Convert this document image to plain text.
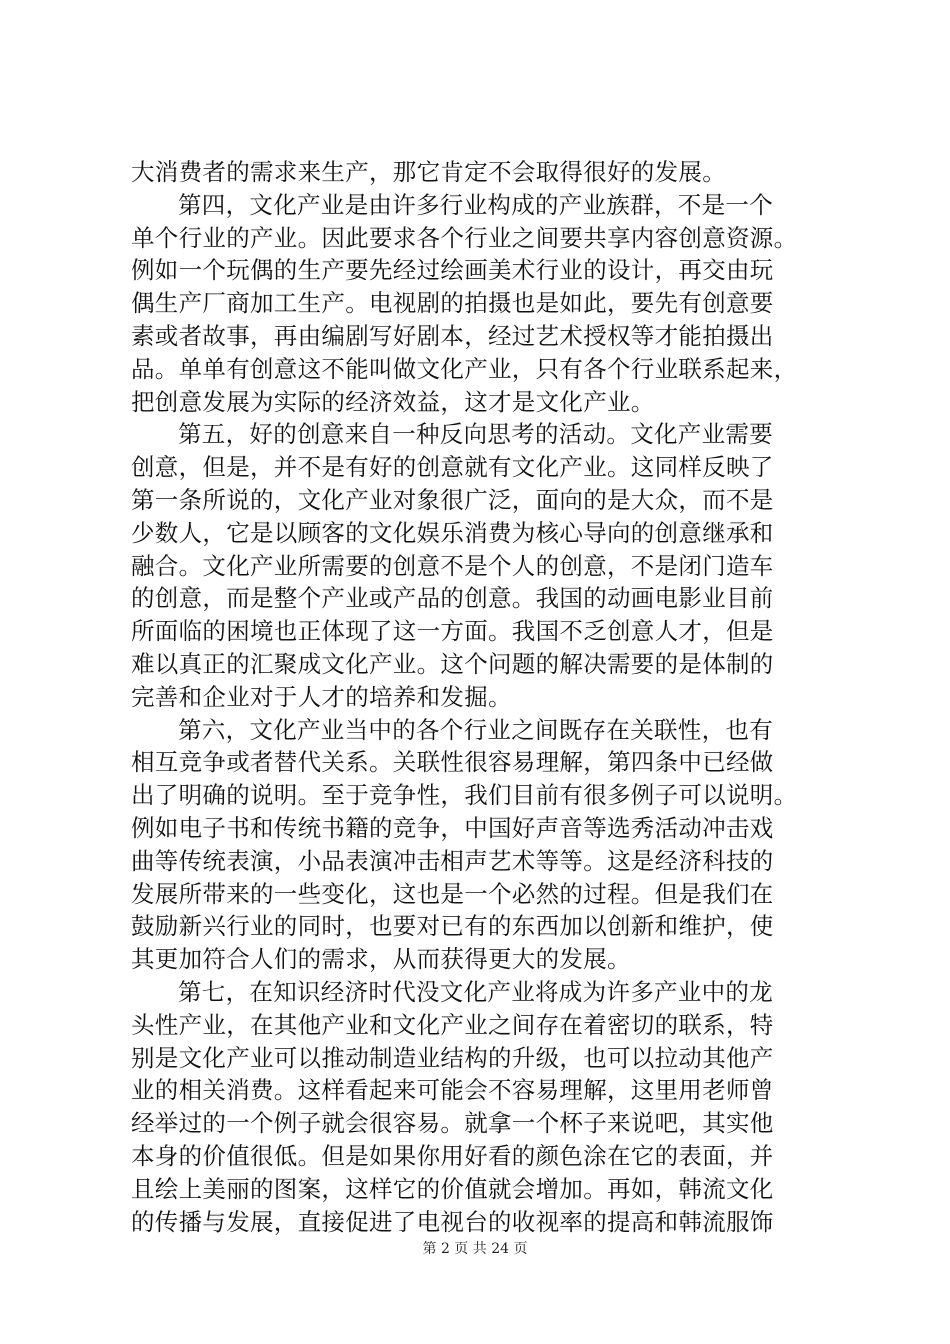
大消费者的需求来生产，那它肯定不会取得很好的发展。
第四，文化产业是由许多行业构成的产业族群，不是一个
单个行业的产业。因此要求各个行业之间要共享内容创意资源。
例如一个玩偶的生产要先经过绘画美术行业的设计，再交由玩
偶生产厂商加工生产。电视剧的拍摄也是如此，要先有创意要
素或者故事，再由编剧写好剧本，经过艺术授权等才能拍摄出
品。单单有创意这不能叫做文化产业，只有各个行业联系起来，
把创意发展为实际的经济效益，这才是文化产业。
第五，好的创意来自一种反向思考的活动。文化产业需要
创意，但是，并不是有好的创意就有文化产业。这同样反映了
第一条所说的，文化产业对象很广泛，面向的是大众，而不是
少数人，它是以顾客的文化娱乐消费为核心导向的创意继承和
融合。文化产业所需要的创意不是个人的创意，不是闭门造车
的创意，而是整个产业或产品的创意。我国的动画电影业目前
所面临的困境也正体现了这一方面。我国不乏创意人才，但是
难以真正的汇聚成文化产业。这个问题的解决需要的是体制的
完善和企业对于人才的培养和发掘。
第六，文化产业当中的各个行业之间既存在关联性，也有
相互竞争或者替代关系。关联性很容易理解，第四条中已经做
出了明确的说明。至于竞争性，我们目前有很多例子可以说明。
例如电子书和传统书籍的竞争，中国好声音等选秀活动冲击戏
曲等传统表演，小品表演冲击相声艺术等等。这是经济科技的
发展所带来的一些变化，这也是一个必然的过程。但是我们在
鼓励新兴行业的同时，也要对已有的东西加以创新和维护，使
其更加符合人们的需求，从而获得更大的发展。
第七，在知识经济时代没文化产业将成为许多产业中的龙
头性产业，在其他产业和文化产业之间存在着密切的联系，特
别是文化产业可以推动制造业结构的升级，也可以拉动其他产
业的相关消费。这样看起来可能会不容易理解，这里用老师曾
经举过的一个例子就会很容易。就拿一个杯子来说吧，其实他
本身的价值很低。但是如果你用好看的颜色涂在它的表面，并
且绘上美丽的图案，这样它的价值就会增加。再如，韩流文化
的传播与发展，直接促进了电视台的收视率的提高和韩流服饰
第 2 页 共 24 页
